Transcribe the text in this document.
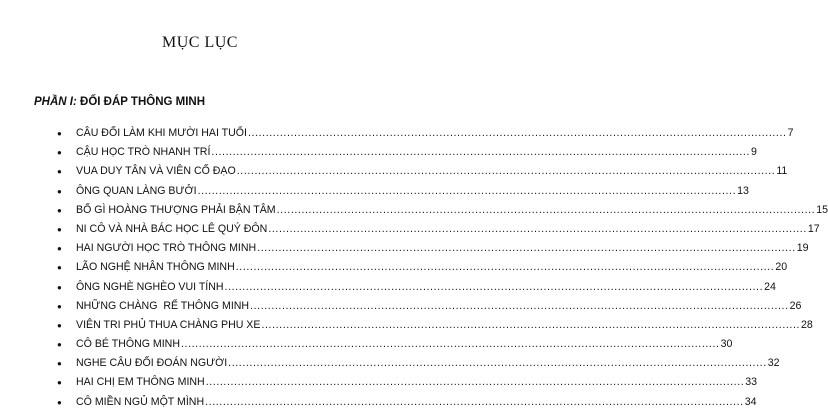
MỤC LỤC
PHẦN I: ĐỐI ĐÁP THÔNG MINH
● CÂU ĐỐI LÀM KHI MƯỜI HAI TUỔI .....	7
● CẬU HỌC TRÒ NHANH TRÍ .....	9
● VUA DUY TÂN VÀ VIÊN CỐ ĐẠO .....	11
● ÔNG QUAN LÀNG BƯỞI .....	13
● BỐ GÌ HOÀNG THƯỢNG PHẢI BẬN TÂM .....	15
● NI CÔ VÀ NHÀ BÁC HỌC LÊ QUÝ ĐÔN .....	17
● HAI NGƯỜI HỌC TRÒ THÔNG MINH .....	19
● LÃO NGHỆ NHÂN THÔNG MINH .....	20
● ÔNG NGHÈ NGHÈO VUI TÍNH .....	24
● NHỮNG CHÀNG  RỂ THÔNG MINH .....	26
● VIÊN TRI PHỦ THUA CHÀNG PHU XE .....	28
● CÔ BÉ THÔNG MINH .....	30
● NGHE CÂU ĐỐI ĐOÁN NGƯỜI .....	32
● HAI CHỊ EM THÔNG MINH .....	33
● CÔ MIỀN NGỦ MỘT MÌNH .....	34
